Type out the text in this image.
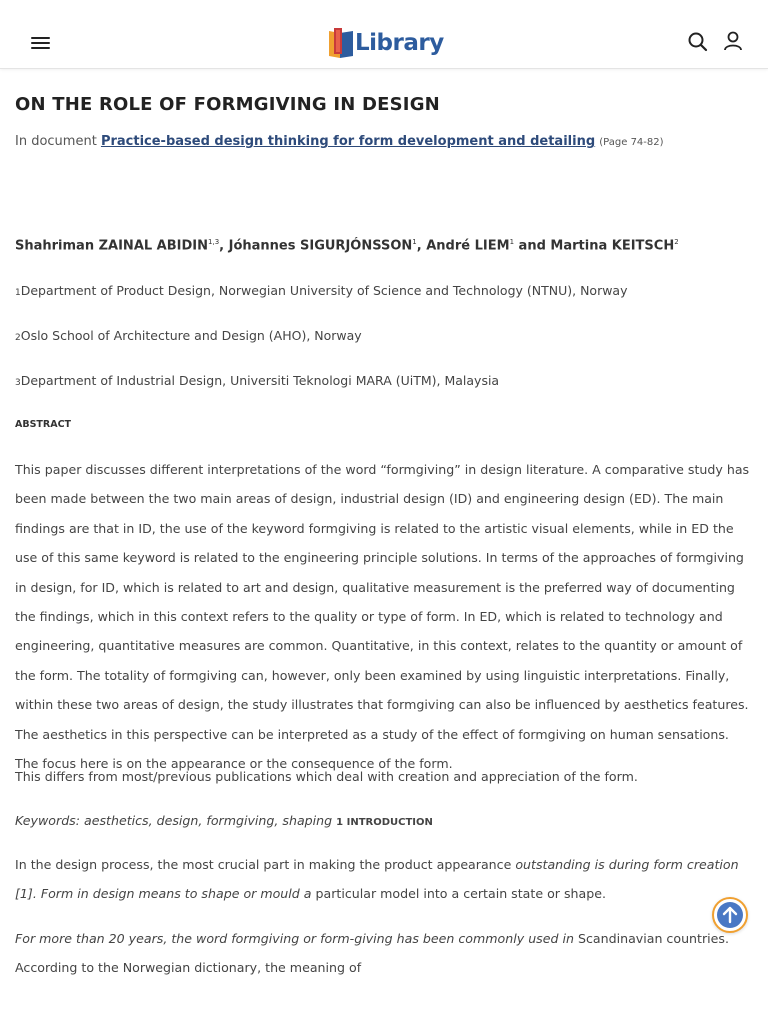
Library
ON THE ROLE OF FORMGIVING IN DESIGN
In document Practice-based design thinking for form development and detailing (Page 74-82)
Shahriman ZAINAL ABIDIN$^{1,3}$, Jóhannes SIGURJÓNSSON$^1$, André LIEM$^1$ and Martina KEITSCH$^2$
1Department of Product Design, Norwegian University of Science and Technology (NTNU), Norway
2Oslo School of Architecture and Design (AHO), Norway
3Department of Industrial Design, Universiti Teknologi MARA (UiTM), Malaysia
ABSTRACT

This paper discusses different interpretations of the word “formgiving” in design literature. A comparative study has been made between the two main areas of design, industrial design (ID) and engineering design (ED). The main findings are that in ID, the use of the keyword formgiving is related to the artistic visual elements, while in ED the use of this same keyword is related to the engineering principle solutions. In terms of the approaches of formgiving in design, for ID, which is related to art and design, qualitative measurement is the preferred way of documenting the findings, which in this context refers to the quality or type of form. In ED, which is related to technology and engineering, quantitative measures are common. Quantitative, in this context, relates to the quantity or amount of the form. The totality of formgiving can, however, only been examined by using linguistic interpretations. Finally, within these two areas of design, the study illustrates that formgiving can also be influenced by aesthetics features. The aesthetics in this perspective can be interpreted as a study of the effect of formgiving on human sensations. The focus here is on the appearance or the consequence of the form.

This differs from most/previous publications which deal with creation and appreciation of the form.

Keywords: aesthetics, design, formgiving, shaping 1 INTRODUCTION

In the design process, the most crucial part in making the product appearance outstanding is during form creation [1]. Form in design means to shape or mould a particular model into a certain state or shape.

For more than 20 years, the word formgiving or form-giving has been commonly used in Scandinavian countries. According to the Norwegian dictionary, the meaning of
